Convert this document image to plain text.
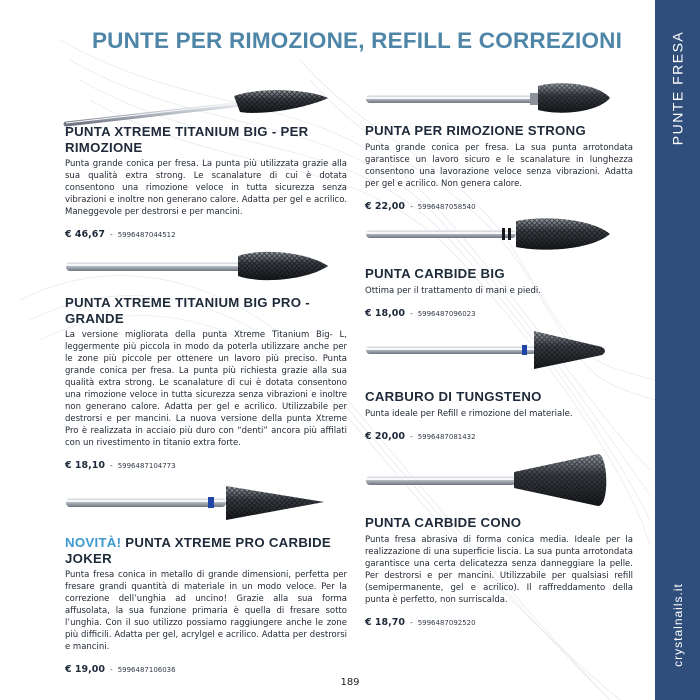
PUNTE FRESA
crystalnails.it
PUNTE PER RIMOZIONE, REFILL E CORREZIONI
PUNTA XTREME TITANIUM BIG - PER RIMOZIONE
Punta grande conica per fresa. La punta più utilizzata grazie alla sua qualità extra strong. Le scanalature di cui è dotata consentono una rimozione veloce in tutta sicurezza senza vibrazioni e inoltre non generano calore. Adatta per gel e acrilico. Maneggevole per destrorsi e per mancini.
€ 46,67 - 5996487044512
PUNTA XTREME TITANIUM BIG PRO - GRANDE
La versione migliorata della punta Xtreme Titanium Big- L, leggermente più piccola in modo da poterla utilizzare anche per le zone più piccole per ottenere un lavoro più preciso. Punta grande conica per fresa. La punta più richiesta grazie alla sua qualità extra strong. Le scanalature di cui è dotata consentono una rimozione veloce in tutta sicurezza senza vibrazioni e inoltre non generano calore. Adatta per gel e acrilico. Utilizzabile per destrorsi e per mancini. La nuova versione della punta Xtreme Pro è realizzata in acciaio più duro con “denti” ancora più affilati con un rivestimento in titanio extra forte.
€ 18,10 - 5996487104773
NOVITÀ! PUNTA XTREME PRO CARBIDE JOKER
Punta fresa conica in metallo di grande dimensioni, perfetta per fresare grandi quantità di materiale in un modo veloce. Per la correzione dell’unghia ad uncino! Grazie alla sua forma affusolata, la sua funzione primaria è quella di fresare sotto l’unghia. Con il suo utilizzo possiamo raggiungere anche le zone più difficili. Adatta per gel, acrylgel e acrilico. Adatta per destrorsi e mancini.
€ 19,00 - 5996487106036
PUNTA PER RIMOZIONE STRONG
Punta grande conica per fresa. La sua punta arrotondata garantisce un lavoro sicuro e le scanalature in lunghezza consentono una lavorazione veloce senza vibrazioni. Adatta per gel e acrilico. Non genera calore.
€ 22,00 - 5996487058540
PUNTA CARBIDE BIG
Ottima per il trattamento di mani e piedi.
€ 18,00 - 5996487096023
CARBURO DI TUNGSTENO
Punta ideale per Refill e rimozione del materiale.
€ 20,00 - 5996487081432
PUNTA CARBIDE CONO
Punta fresa abrasiva di forma conica media. Ideale per la realizzazione di una superficie liscia. La sua punta arrotondata garantisce una certa delicatezza senza danneggiare la pelle. Per destrorsi e per mancini. Utilizzabile per qualsiasi refill (semipermanente, gel e acrilico). Il raffreddamento della punta è perfetto, non surriscalda.
€ 18,70 - 5996487092520
189
